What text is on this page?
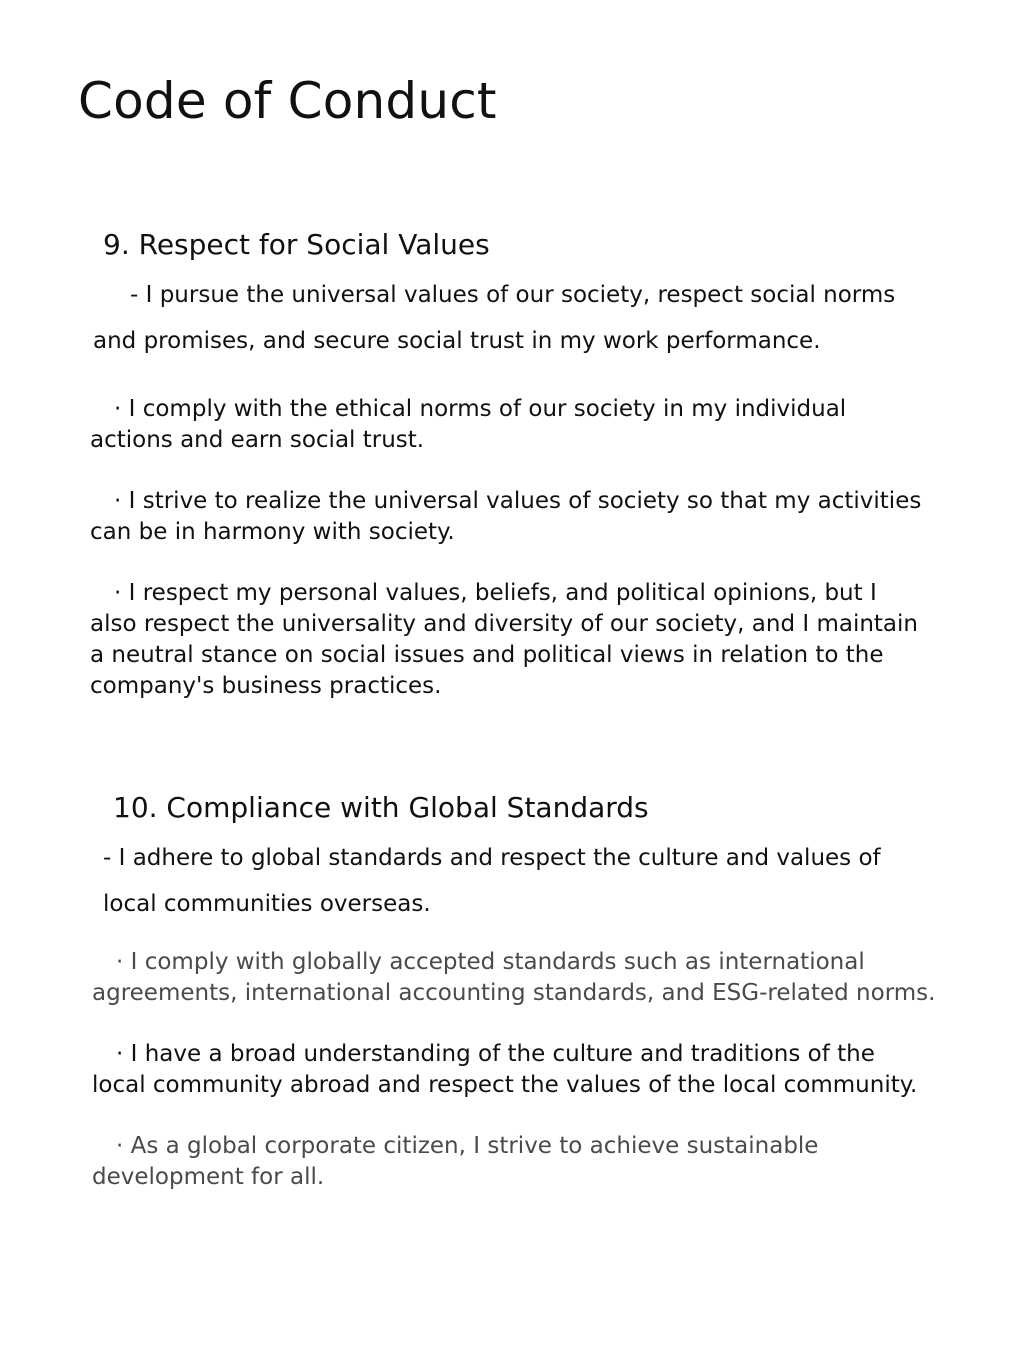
Code of Conduct
9. Respect for Social Values

- I pursue the universal values of our society, respect social norms

and promises, and secure social trust in my work performance.

· I comply with the ethical norms of our society in my individual
actions and earn social trust.
· I strive to realize the universal values of society so that my activities
can be in harmony with society.
· I respect my personal values, beliefs, and political opinions, but I
also respect the universality and diversity of our society, and I maintain
a neutral stance on social issues and political views in relation to the
company's business practices.
10. Compliance with Global Standards

- I adhere to global standards and respect the culture and values of

local communities overseas.

· I comply with globally accepted standards such as international
agreements, international accounting standards, and ESG-related norms.
· I have a broad understanding of the culture and traditions of the
local community abroad and respect the values of the local community.
· As a global corporate citizen, I strive to achieve sustainable
development for all.
